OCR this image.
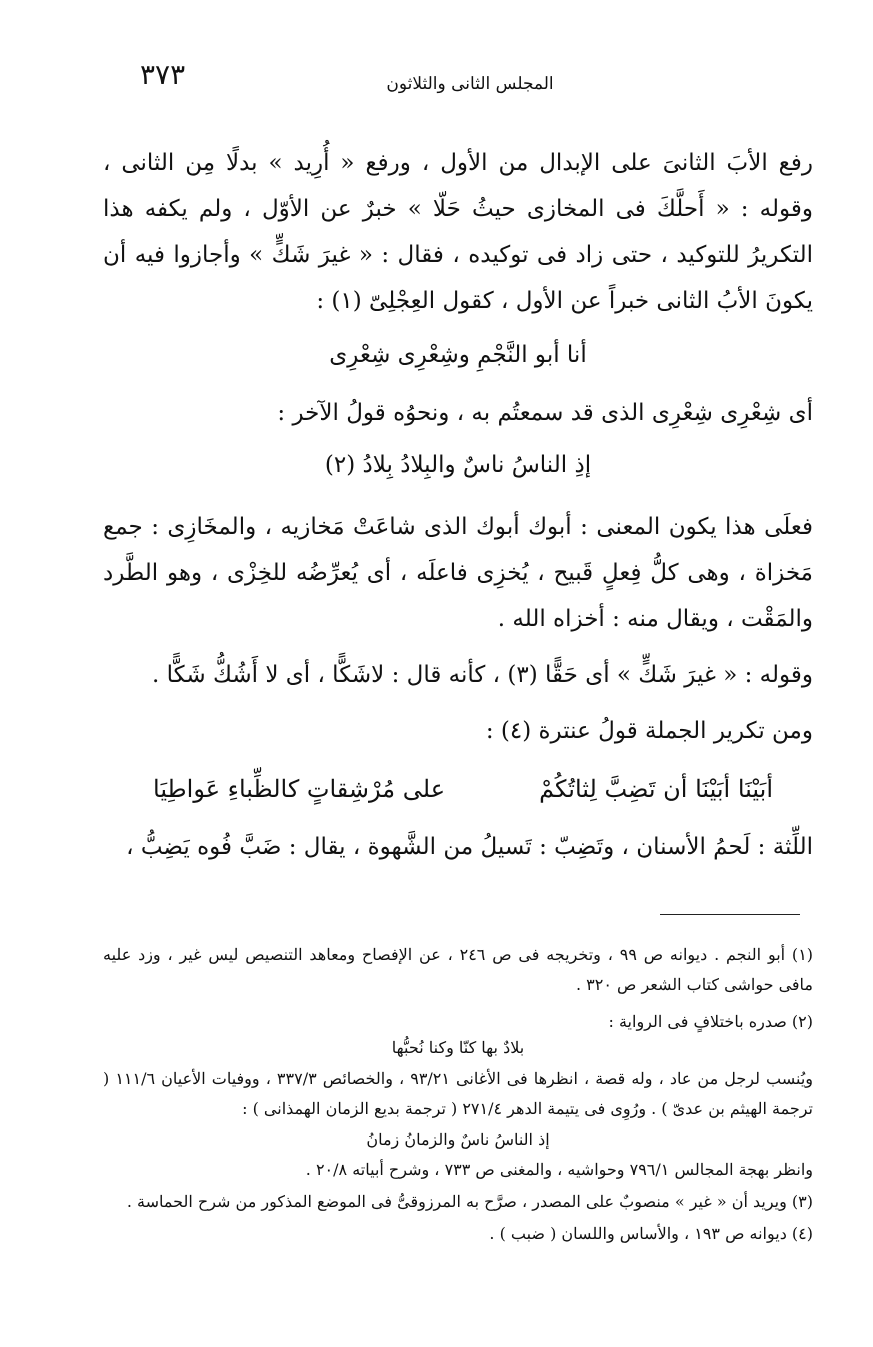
٣٧٣	المجلس الثانى والثلاثون
رفع الأبَ الثانىَ على الإبدال من الأول ، ورفع « أُرِيد » بدلًا مِن الثانى ، وقوله : « أَحلَّكَ فى المخازى حيثُ حَلّا » خبرٌ عن الأوّل ، ولم يكفه هذا التكريرُ للتوكيد ، حتى زاد فى توكيده ، فقال : « غيرَ شَكٍّ » وأجازوا فيه أن يكونَ الأبُ الثانى خبراً عن الأول ، كقول العِجْلِىّ (١) :
أنا أبو النَّجْمِ وشِعْرِى شِعْرِى
أى شِعْرِى شِعْرِى الذى قد سمعتُم به ، ونحوُه قولُ الآخر :
إذِ الناسُ ناسٌ والبِلادُ بِلادُ (٢)
فعلَى هذا يكون المعنى : أبوك أبوك الذى شاعَتْ مَخازيه ، والمخَازِى : جمع مَخزاة ، وهى كلُّ فِعلٍ قَبيح ، يُخزِى فاعلَه ، أى يُعرِّضُه للخِزْى ، وهو الطَّرد والمَقْت ، ويقال منه : أخزاه الله .
وقوله : « غيرَ شَكٍّ » أى حَقًّا (٣) ، كأنه قال : لاشَكًّا ، أى لا أَشُكُّ شَكًّا .
ومن تكرير الجملة قولُ عنترة (٤) :
أبَيْنَا أبَيْنَا أن تَضِبَّ لِثاتُكُمْ
على مُرْشِقاتٍ كالظِّباءِ عَواطِيَا
اللِّثة : لَحمُ الأسنان ، وتَضِبّ : تَسيلُ من الشَّهوة ، يقال : ضَبَّ فُوه يَضِبُّ ،
(١) أبو النجم . ديوانه ص ٩٩ ، وتخريجه فى ص ٢٤٦ ، عن الإفصاح ومعاهد التنصيص ليس غير ، وزد عليه مافى حواشى كتاب الشعر ص ٣٢٠ .
(٢) صدره باختلافٍ فى الرواية :
بلادٌ بها كنّا وكنا نُحبُّها
ويُنسب لرجل من عاد ، وله قصة ، انظرها فى الأغانى ٩٣/٢١ ، والخصائص ٣٣٧/٣ ، ووفيات الأعيان ١١١/٦ ( ترجمة الهيثم بن عدىّ ) . ورُوِى فى يتيمة الدهر ٢٧١/٤ ( ترجمة بديع الزمان الهمذانى ) :
إذ الناسُ ناسٌ والزمانُ زمانُ
وانظر بهجة المجالس ٧٩٦/١ وحواشيه ، والمغنى ص ٧٣٣ ، وشرح أبياته ٢٠/٨ .
(٣) ويريد أن « غير » منصوبٌ على المصدر ، صرَّح به المرزوقىُّ فى الموضع المذكور من شرح الحماسة .
(٤) ديوانه ص ١٩٣ ، والأساس واللسان ( ضبب ) .
